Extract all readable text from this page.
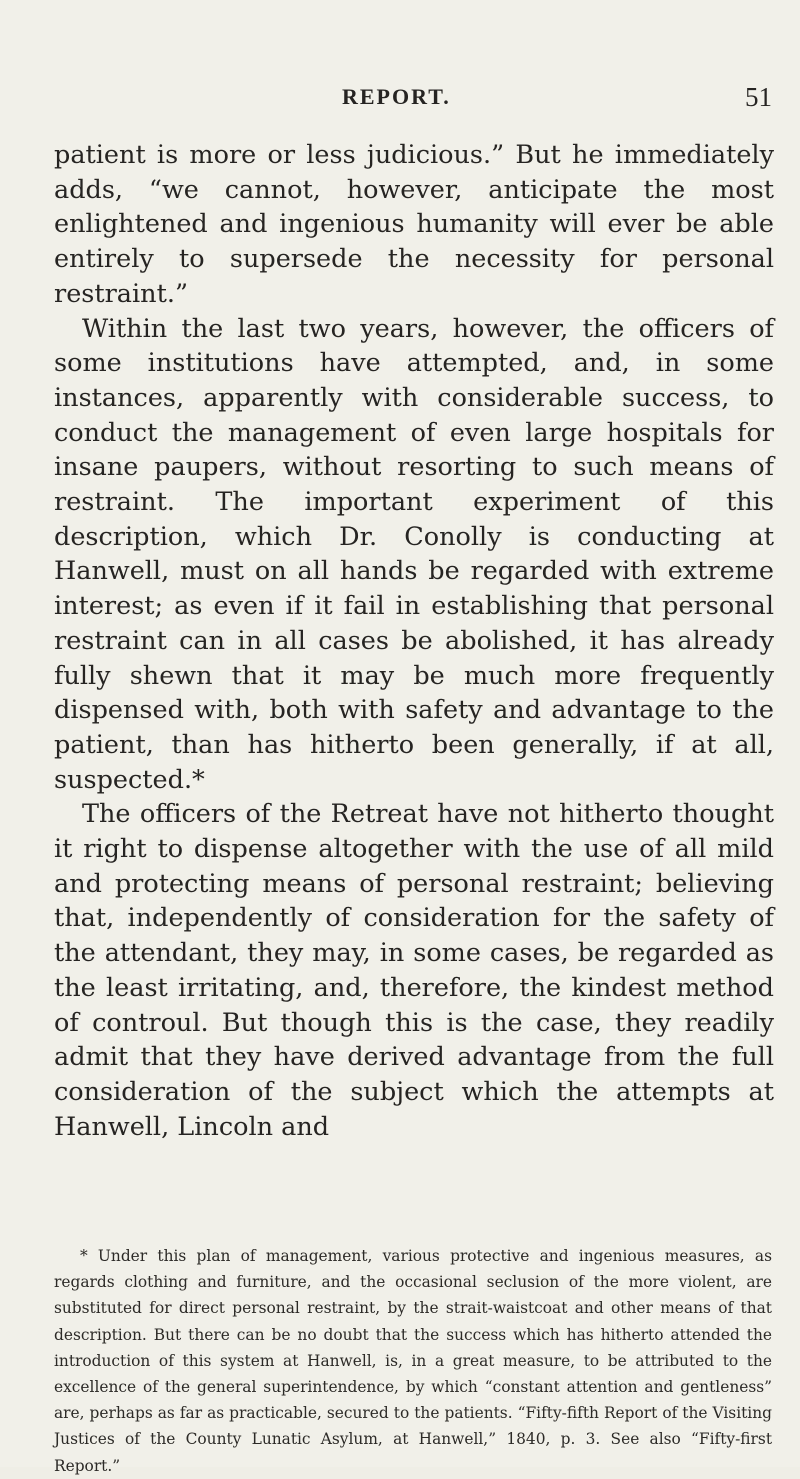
REPORT.	51

patient is more or less judicious.” But he immediately adds, “we cannot, however, anticipate the most enlightened and ingenious humanity will ever be able entirely to supersede the necessity for personal restraint.”

Within the last two years, however, the officers of some institutions have attempted, and, in some instances, apparently with considerable success, to conduct the management of even large hospitals for insane paupers, without resorting to such means of restraint. The important experiment of this description, which Dr. Conolly is conducting at Hanwell, must on all hands be regarded with extreme interest; as even if it fail in establishing that personal restraint can in all cases be abolished, it has already fully shewn that it may be much more frequently dispensed with, both with safety and advantage to the patient, than has hitherto been generally, if at all, suspected.*

The officers of the Retreat have not hitherto thought it right to dispense altogether with the use of all mild and protecting means of personal restraint; believing that, independently of consideration for the safety of the attendant, they may, in some cases, be regarded as the least irritating, and, therefore, the kindest method of controul. But though this is the case, they readily admit that they have derived advantage from the full consideration of the subject which the attempts at Hanwell, Lincoln and

* Under this plan of management, various protective and ingenious measures, as regards clothing and furniture, and the occasional seclusion of the more violent, are substituted for direct personal restraint, by the strait-waistcoat and other means of that description. But there can be no doubt that the success which has hitherto attended the introduction of this system at Hanwell, is, in a great measure, to be attributed to the excellence of the general superintendence, by which “constant attention and gentleness” are, perhaps as far as practicable, secured to the patients. “Fifty-fifth Report of the Visiting Justices of the County Lunatic Asylum, at Hanwell,” 1840, p. 3. See also “Fifty-first Report.”
